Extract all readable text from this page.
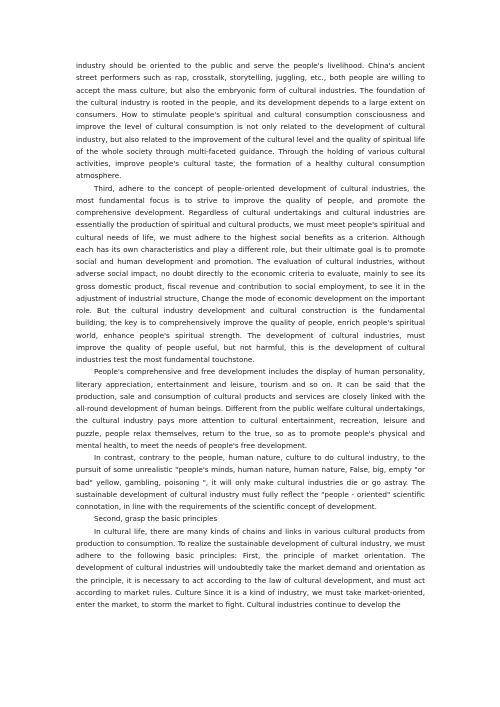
industry should be oriented to the public and serve the people's livelihood. China's ancient street performers such as rap, crosstalk, storytelling, juggling, etc., both people are willing to accept the mass culture, but also the embryonic form of cultural industries. The foundation of the cultural industry is rooted in the people, and its development depends to a large extent on consumers. How to stimulate people's spiritual and cultural consumption consciousness and improve the level of cultural consumption is not only related to the development of cultural industry, but also related to the improvement of the cultural level and the quality of spiritual life of the whole society through multi-faceted guidance. Through the holding of various cultural activities, improve people's cultural taste, the formation of a healthy cultural consumption atmosphere.

Third, adhere to the concept of people-oriented development of cultural industries, the most fundamental focus is to strive to improve the quality of people, and promote the comprehensive development. Regardless of cultural undertakings and cultural industries are essentially the production of spiritual and cultural products, we must meet people's spiritual and cultural needs of life, we must adhere to the highest social benefits as a criterion. Although each has its own characteristics and play a different role, but their ultimate goal is to promote social and human development and promotion. The evaluation of cultural industries, without adverse social impact, no doubt directly to the economic criteria to evaluate, mainly to see its gross domestic product, fiscal revenue and contribution to social employment, to see it in the adjustment of industrial structure, Change the mode of economic development on the important role. But the cultural industry development and cultural construction is the fundamental building, the key is to comprehensively improve the quality of people, enrich people's spiritual world, enhance people's spiritual strength. The development of cultural industries, must improve the quality of people useful, but not harmful, this is the development of cultural industries test the most fundamental touchstone.

People's comprehensive and free development includes the display of human personality, literary appreciation, entertainment and leisure, tourism and so on. It can be said that the production, sale and consumption of cultural products and services are closely linked with the all-round development of human beings. Different from the public welfare cultural undertakings, the cultural industry pays more attention to cultural entertainment, recreation, leisure and puzzle, people relax themselves, return to the true, so as to promote people's physical and mental health, to meet the needs of people's free development.

In contrast, contrary to the people, human nature, culture to do cultural industry, to the pursuit of some unrealistic "people's minds, human nature, human nature, False, big, empty "or bad" yellow, gambling, poisoning ", it will only make cultural industries die or go astray. The sustainable development of cultural industry must fully reflect the "people - oriented" scientific connotation, in line with the requirements of the scientific concept of development.

Second, grasp the basic principles

In cultural life, there are many kinds of chains and links in various cultural products from production to consumption. To realize the sustainable development of cultural industry, we must adhere to the following basic principles: First, the principle of market orientation. The development of cultural industries will undoubtedly take the market demand and orientation as the principle, it is necessary to act according to the law of cultural development, and must act according to market rules. Culture Since it is a kind of industry, we must take market-oriented, enter the market, to storm the market to fight. Cultural industries continue to develop the
